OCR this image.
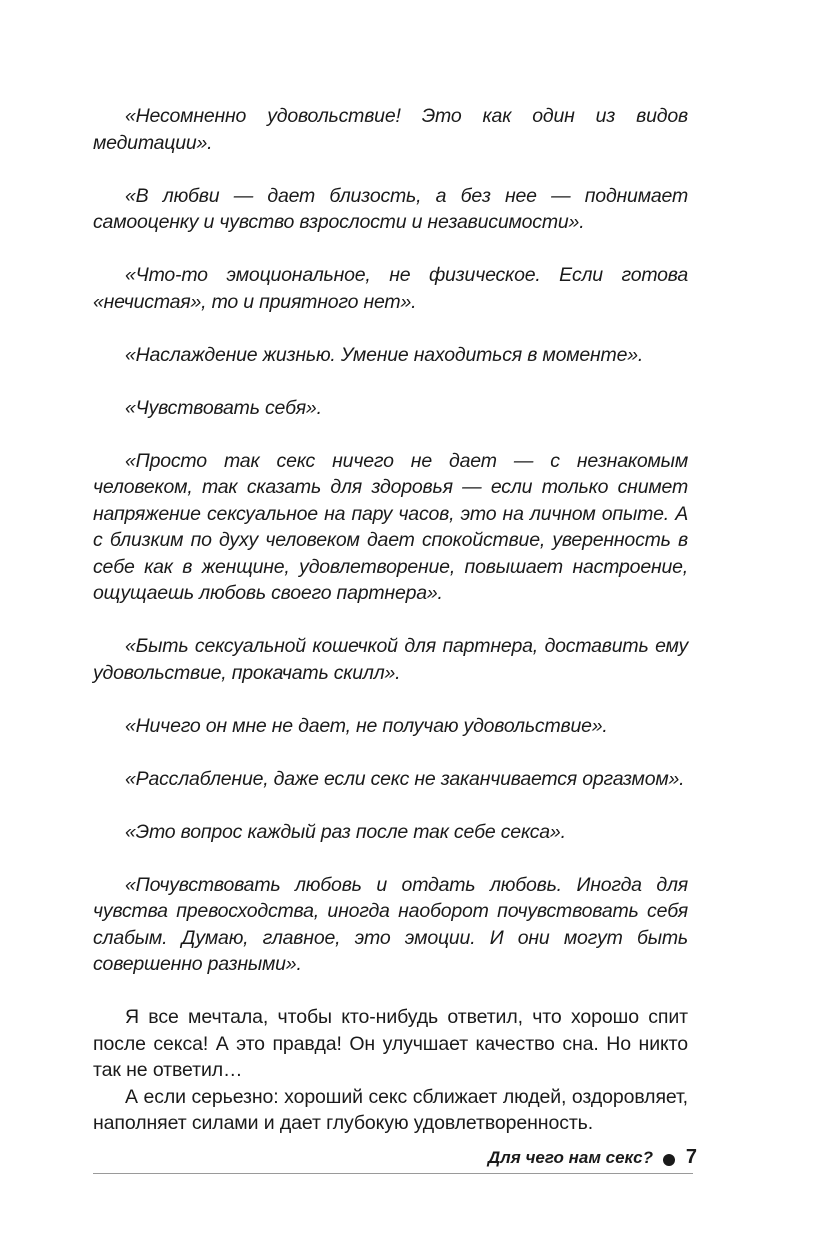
«Несомненно удовольствие! Это как один из видов медитации».

«В любви — дает близость, а без нее — поднимает самооценку и чувство взрослости и независимости».

«Что-то эмоциональное, не физическое. Если готова «нечистая», то и приятного нет».

«Наслаждение жизнью. Умение находиться в моменте».

«Чувствовать себя».

«Просто так секс ничего не дает — с незнакомым человеком, так сказать для здоровья — если только снимет напряжение сексуальное на пару часов, это на личном опыте. А с близким по духу человеком дает спокойствие, уверенность в себе как в женщине, удовлетворение, повышает настроение, ощущаешь любовь своего партнера».

«Быть сексуальной кошечкой для партнера, доставить ему удовольствие, прокачать скилл».

«Ничего он мне не дает, не получаю удовольствие».

«Расслабление, даже если секс не заканчивается оргазмом».

«Это вопрос каждый раз после так себе секса».

«Почувствовать любовь и отдать любовь. Иногда для чувства превосходства, иногда наоборот почувствовать себя слабым. Думаю, главное, это эмоции. И они могут быть совершенно разными».

Я все мечтала, чтобы кто-нибудь ответил, что хорошо спит после секса! А это правда! Он улучшает качество сна. Но никто так не ответил…

А если серьезно: хороший секс сближает людей, оздоровляет, наполняет силами и дает глубокую удовлетворенность.

Для чего нам секс? 7
